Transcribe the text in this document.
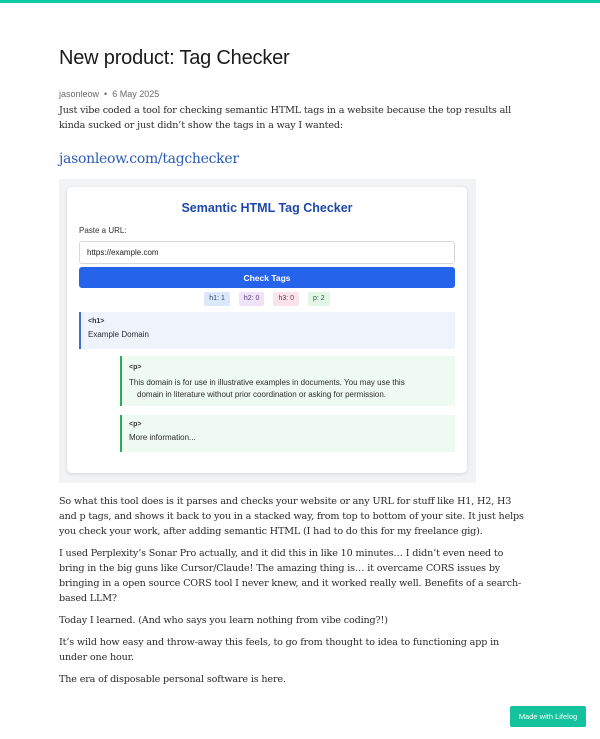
New product: Tag Checker
jasonleow • 6 May 2025

Just vibe coded a tool for checking semantic HTML tags in a website because the top results all kinda sucked or just didn’t show the tags in a way I wanted:

jasonleow.com/tagchecker
Semantic HTML Tag Checker
Paste a URL:
https://example.com
Check Tags
h1: 1	h2: 0	h3: 0	p: 2
<h1>
Example Domain
<p>
This domain is for use in illustrative examples in documents. You may use this
domain in literature without prior coordination or asking for permission.
<p>
More information...

So what this tool does is it parses and checks your website or any URL for stuff like H1, H2, H3 and p tags, and shows it back to you in a stacked way, from top to bottom of your site. It just helps you check your work, after adding semantic HTML (I had to do this for my freelance gig).

I used Perplexity’s Sonar Pro actually, and it did this in like 10 minutes… I didn’t even need to bring in the big guns like Cursor/Claude! The amazing thing is… it overcame CORS issues by bringing in a open source CORS tool I never knew, and it worked really well. Benefits of a search-based LLM?

Today I learned. (And who says you learn nothing from vibe coding?!)

It’s wild how easy and throw-away this feels, to go from thought to idea to functioning app in under one hour.

The era of disposable personal software is here.

Made with Lifelog
